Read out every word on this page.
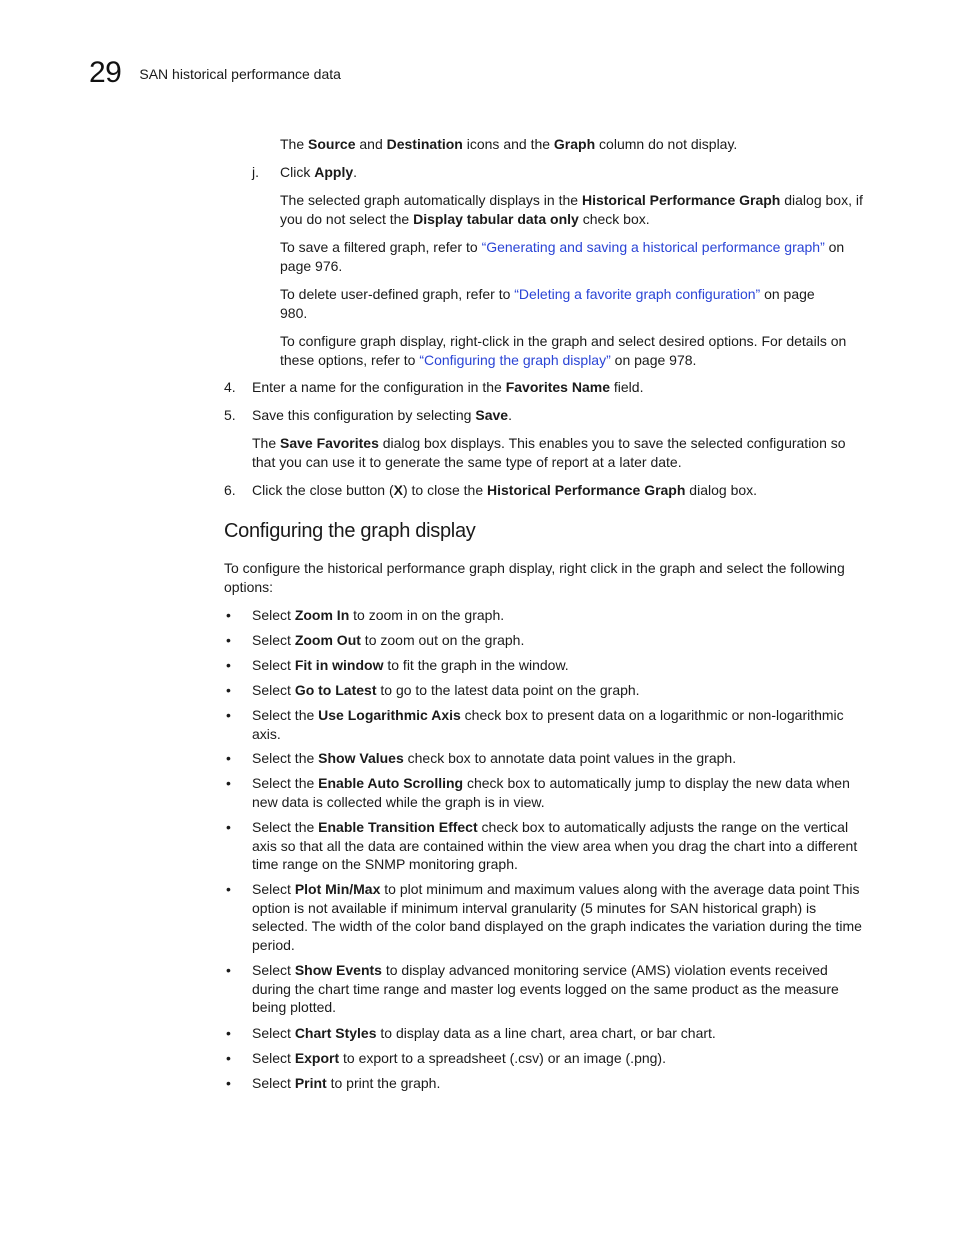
29 SAN historical performance data
The Source and Destination icons and the Graph column do not display.
j. Click Apply.
The selected graph automatically displays in the Historical Performance Graph dialog box, if you do not select the Display tabular data only check box.
To save a filtered graph, refer to “Generating and saving a historical performance graph” on page 976.
To delete user-defined graph, refer to “Deleting a favorite graph configuration” on page 980.
To configure graph display, right-click in the graph and select desired options. For details on these options, refer to “Configuring the graph display” on page 978.
4. Enter a name for the configuration in the Favorites Name field.
5. Save this configuration by selecting Save.
The Save Favorites dialog box displays. This enables you to save the selected configuration so that you can use it to generate the same type of report at a later date.
6. Click the close button (X) to close the Historical Performance Graph dialog box.
Configuring the graph display
To configure the historical performance graph display, right click in the graph and select the following options:
• Select Zoom In to zoom in on the graph.
• Select Zoom Out to zoom out on the graph.
• Select Fit in window to fit the graph in the window.
• Select Go to Latest to go to the latest data point on the graph.
• Select the Use Logarithmic Axis check box to present data on a logarithmic or non-logarithmic axis.
• Select the Show Values check box to annotate data point values in the graph.
• Select the Enable Auto Scrolling check box to automatically jump to display the new data when new data is collected while the graph is in view.
• Select the Enable Transition Effect check box to automatically adjusts the range on the vertical axis so that all the data are contained within the view area when you drag the chart into a different time range on the SNMP monitoring graph.
• Select Plot Min/Max to plot minimum and maximum values along with the average data point This option is not available if minimum interval granularity (5 minutes for SAN historical graph) is selected. The width of the color band displayed on the graph indicates the variation during the time period.
• Select Show Events to display advanced monitoring service (AMS) violation events received during the chart time range and master log events logged on the same product as the measure being plotted.
• Select Chart Styles to display data as a line chart, area chart, or bar chart.
• Select Export to export to a spreadsheet (.csv) or an image (.png).
• Select Print to print the graph.
